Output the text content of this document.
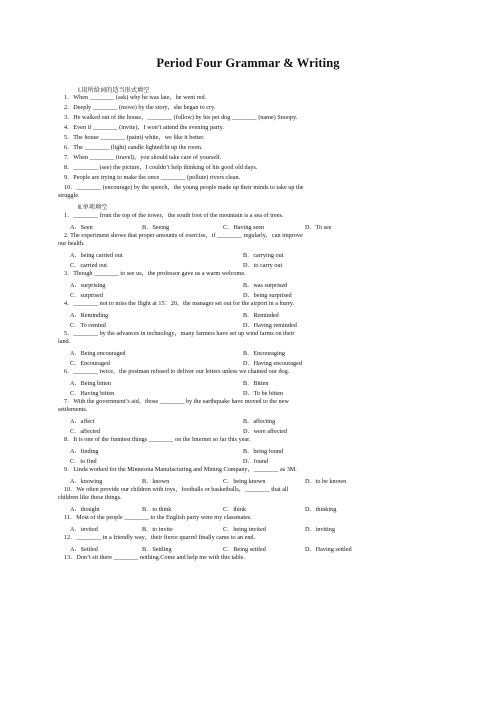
Period Four Grammar & Writing
Ⅰ.用所给词的适当形式填空
1．When ________ (ask) why he was late，he went red.
2．Deeply ________ (move) by the story，she began to cry.
3．He walked out of the house，________ (follow) by his pet dog ________ (name) Snoopy.
4．Even if ________ (invite)，I won’t attend the evening party.
5．The house ________ (paint) white，we like it better.
6．The ________ (light) candle lighted/lit up the room.
7．When ________ (travel)，you should take care of yourself.
8．________ (see) the picture，I couldn’t help thinking of his good old days.
9．People are trying to make the once ________ (pollute) rivers clean.
10．________ (encourage) by the speech，the young people made up their minds to take up the
struggle.
Ⅱ.单项填空
1．________ from the top of the tower，the south foot of the mountain is a sea of trees.
A．Seen	B．Seeing	C．Having seen	D．To see
2. The experiment shows that proper amounts of exercise，if ________ regularly，can improve
our health.
A．being carried out	B．carrying out
C．carried out	D．to carry out
3．Though ________ to see us，the professor gave us a warm welcome.
A．surprising	B．was surprised
C．surprised	D．being surprised
4．________ not to miss the flight at 15：20，the manager set out for the airport in a hurry.
A．Reminding	B．Reminded
C．To remind	D．Having reminded
5．________ by the advances in technology，many farmers have set up wind farms on their
land.
A．Being encouraged	B．Encouraging
C．Encouraged	D．Having encouraged
6．________ twice，the postman refused to deliver our letters unless we chained our dog.
A．Being bitten	B．Bitten
C．Having bitten	D．To be bitten
7．With the government’s aid，those ________ by the earthquake have moved to the new
settlements.
A．affect	B．affecting
C．affected	D．were affected
8．It is one of the funniest things ________ on the Internet so far this year.
A．finding	B．being found
C．to find	D．found
9．Linda worked for the Minnesota Manufacturing and Mining Company，________ as 3M.
A．knowing	B．known	C．being known	D．to be known
10．We often provide our children with toys，footballs or basketballs，________ that all
children like these things.
A．thought	B．to think	C．think	D．thinking
11．Most of the people ________ to the English party were my classmates.
A．invited	B．to invite	C．being invited	D．inviting
12．________ in a friendly way，their fierce quarrel finally came to an end.
A．Settled	B．Settling	C．Being settled	D．Having settled
13．Don’t sit there ________ nothing.Come and help me with this table.
